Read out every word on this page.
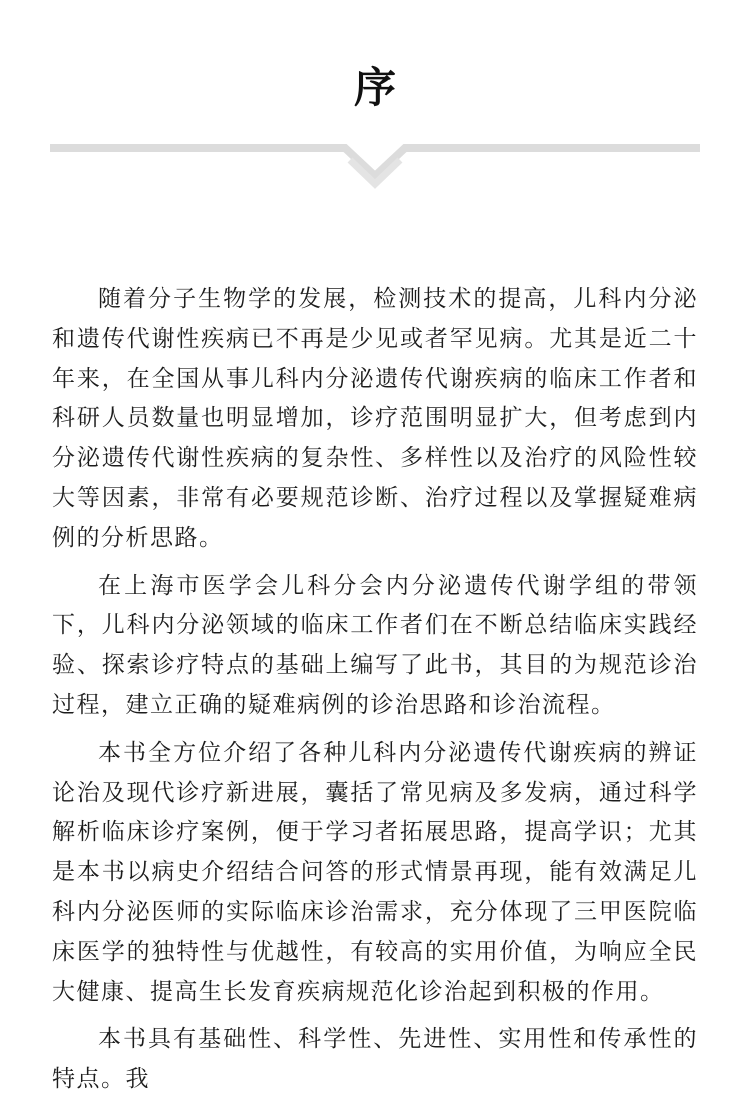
序

随着分子生物学的发展，检测技术的提高，儿科内分泌和遗传代谢性疾病已不再是少见或者罕见病。尤其是近二十年来，在全国从事儿科内分泌遗传代谢疾病的临床工作者和科研人员数量也明显增加，诊疗范围明显扩大，但考虑到内分泌遗传代谢性疾病的复杂性、多样性以及治疗的风险性较大等因素，非常有必要规范诊断、治疗过程以及掌握疑难病例的分析思路。

在上海市医学会儿科分会内分泌遗传代谢学组的带领下，儿科内分泌领域的临床工作者们在不断总结临床实践经验、探索诊疗特点的基础上编写了此书，其目的为规范诊治过程，建立正确的疑难病例的诊治思路和诊治流程。

本书全方位介绍了各种儿科内分泌遗传代谢疾病的辨证论治及现代诊疗新进展，囊括了常见病及多发病，通过科学解析临床诊疗案例，便于学习者拓展思路，提高学识；尤其是本书以病史介绍结合问答的形式情景再现，能有效满足儿科内分泌医师的实际临床诊治需求，充分体现了三甲医院临床医学的独特性与优越性，有较高的实用价值，为响应全民大健康、提高生长发育疾病规范化诊治起到积极的作用。

本书具有基础性、科学性、先进性、实用性和传承性的特点。我
